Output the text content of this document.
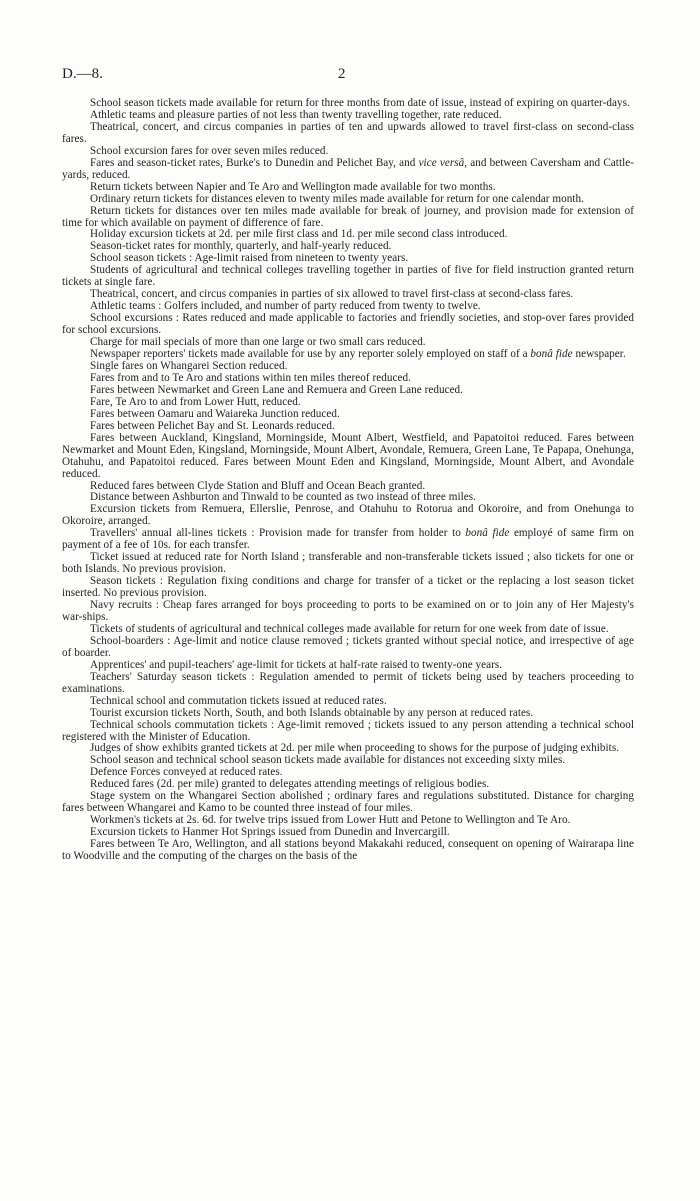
D.—8.	2

School season tickets made available for return for three months from date of issue, instead of expiring on quarter-days.

Athletic teams and pleasure parties of not less than twenty travelling together, rate reduced.

Theatrical, concert, and circus companies in parties of ten and upwards allowed to travel first-class on second-class fares.

School excursion fares for over seven miles reduced.

Fares and season-ticket rates, Burke's to Dunedin and Pelichet Bay, and vice versâ, and between Caversham and Cattle-yards, reduced.

Return tickets between Napier and Te Aro and Wellington made available for two months.

Ordinary return tickets for distances eleven to twenty miles made available for return for one calendar month.

Return tickets for distances over ten miles made available for break of journey, and provision made for extension of time for which available on payment of difference of fare.

Holiday excursion tickets at 2d. per mile first class and 1d. per mile second class introduced.

Season-ticket rates for monthly, quarterly, and half-yearly reduced.

School season tickets : Age-limit raised from nineteen to twenty years.

Students of agricultural and technical colleges travelling together in parties of five for field instruction granted return tickets at single fare.

Theatrical, concert, and circus companies in parties of six allowed to travel first-class at second-class fares.

Athletic teams : Golfers included, and number of party reduced from twenty to twelve.

School excursions : Rates reduced and made applicable to factories and friendly societies, and stop-over fares provided for school excursions.

Charge for mail specials of more than one large or two small cars reduced.

Newspaper reporters' tickets made available for use by any reporter solely employed on staff of a bonâ fide newspaper.

Single fares on Whangarei Section reduced.

Fares from and to Te Aro and stations within ten miles thereof reduced.

Fares between Newmarket and Green Lane and Remuera and Green Lane reduced.

Fare, Te Aro to and from Lower Hutt, reduced.

Fares between Oamaru and Waiareka Junction reduced.

Fares between Pelichet Bay and St. Leonards reduced.

Fares between Auckland, Kingsland, Morningside, Mount Albert, Westfield, and Papatoitoi reduced. Fares between Newmarket and Mount Eden, Kingsland, Morningside, Mount Albert, Avondale, Remuera, Green Lane, Te Papapa, Onehunga, Otahuhu, and Papatoitoi reduced. Fares between Mount Eden and Kingsland, Morningside, Mount Albert, and Avondale reduced.

Reduced fares between Clyde Station and Bluff and Ocean Beach granted.

Distance between Ashburton and Tinwald to be counted as two instead of three miles.

Excursion tickets from Remuera, Ellerslie, Penrose, and Otahuhu to Rotorua and Okoroire, and from Onehunga to Okoroire, arranged.

Travellers' annual all-lines tickets : Provision made for transfer from holder to bonâ fide employé of same firm on payment of a fee of 10s. for each transfer.

Ticket issued at reduced rate for North Island ; transferable and non-transferable tickets issued ; also tickets for one or both Islands. No previous provision.

Season tickets : Regulation fixing conditions and charge for transfer of a ticket or the replacing a lost season ticket inserted. No previous provision.

Navy recruits : Cheap fares arranged for boys proceeding to ports to be examined on or to join any of Her Majesty's war-ships.

Tickets of students of agricultural and technical colleges made available for return for one week from date of issue.

School-boarders : Age-limit and notice clause removed ; tickets granted without special notice, and irrespective of age of boarder.

Apprentices' and pupil-teachers' age-limit for tickets at half-rate raised to twenty-one years.

Teachers' Saturday season tickets : Regulation amended to permit of tickets being used by teachers proceeding to examinations.

Technical school and commutation tickets issued at reduced rates.

Tourist excursion tickets North, South, and both Islands obtainable by any person at reduced rates.

Technical schools commutation tickets : Age-limit removed ; tickets issued to any person attending a technical school registered with the Minister of Education.

Judges of show exhibits granted tickets at 2d. per mile when proceeding to shows for the purpose of judging exhibits.

School season and technical school season tickets made available for distances not exceeding sixty miles.

Defence Forces conveyed at reduced rates.

Reduced fares (2d. per mile) granted to delegates attending meetings of religious bodies.

Stage system on the Whangarei Section abolished ; ordinary fares and regulations substituted. Distance for charging fares between Whangarei and Kamo to be counted three instead of four miles.

Workmen's tickets at 2s. 6d. for twelve trips issued from Lower Hutt and Petone to Wellington and Te Aro.

Excursion tickets to Hanmer Hot Springs issued from Dunedin and Invercargill.

Fares between Te Aro, Wellington, and all stations beyond Makakahi reduced, consequent on opening of Wairarapa line to Woodville and the computing of the charges on the basis of the
